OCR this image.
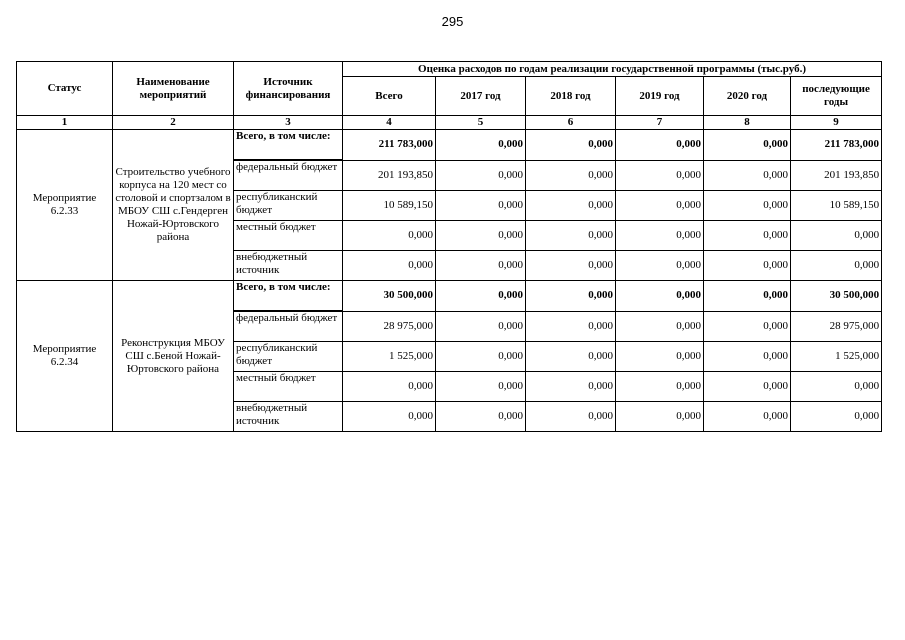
295
Статус	Наименование мероприятий	Источник финансирования	Оценка расходов по годам реализации государственной программы (тыс.руб.)					
			Всего	2017 год	2018 год	2019 год	2020 год	последующие годы
1	2	3	4	5	6	7	8	9
Мероприятие 6.2.33	Строительство учебного корпуса на 120 мест со столовой и спортзалом в МБОУ СШ с.Гендерген Ножай-Юртовского района	Всего, в том числе:	211 783,000	0,000	0,000	0,000	0,000	211 783,000
		федеральный бюджет	201 193,850	0,000	0,000	0,000	0,000	201 193,850
		республиканский бюджет	10 589,150	0,000	0,000	0,000	0,000	10 589,150
		местный бюджет	0,000	0,000	0,000	0,000	0,000	0,000
		внебюджетный источник	0,000	0,000	0,000	0,000	0,000	0,000
Мероприятие 6.2.34	Реконструкция МБОУ СШ с.Беной Ножай-Юртовского района	Всего, в том числе:	30 500,000	0,000	0,000	0,000	0,000	30 500,000
		федеральный бюджет	28 975,000	0,000	0,000	0,000	0,000	28 975,000
		республиканский бюджет	1 525,000	0,000	0,000	0,000	0,000	1 525,000
		местный бюджет	0,000	0,000	0,000	0,000	0,000	0,000
		внебюджетный источник	0,000	0,000	0,000	0,000	0,000	0,000
